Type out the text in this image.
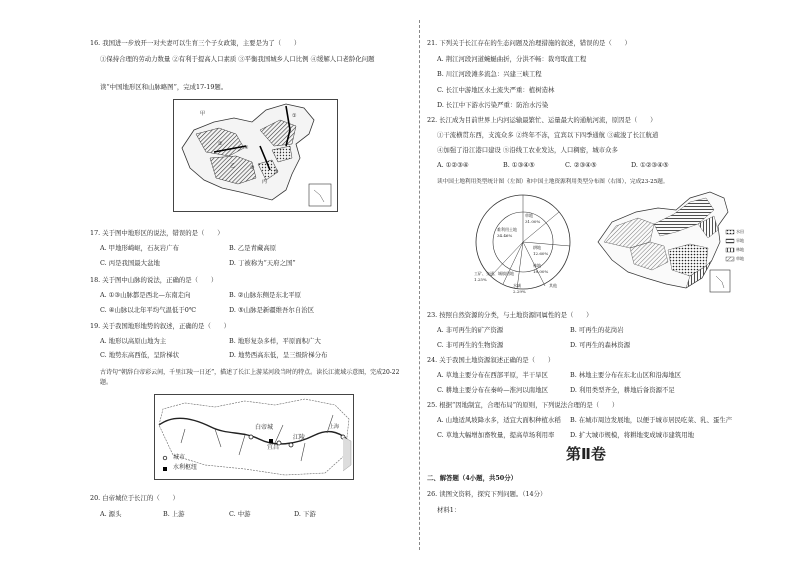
16. 我国进一步放开一对夫妻可以生育三个子女政策，主要是为了（　　）
①保持合理的劳动力数量 ②有利于提高人口素质 ③平衡我国城乡人口比例 ④缓解人口老龄化问题
读“中国地形区和山脉略图”，完成17-19题。
甲
乙
丙
丁
①
②
③
④
⑤
17. 关于图中地形区的说法，错误的是（　　）
A. 甲地形崎岖，石灰岩广布	B. 乙是青藏高原
C. 丙是我国最大盆地	D. 丁被称为“天府之国”
18. 关于图中山脉的说法，正确的是（　　）
A. ①③山脉都是西北—东南走向	B. ②山脉东侧是东北平原
C. ④山脉以北年平均气温低于0℃	D. ⑤山脉是新疆维吾尔自治区
19. 关于我国地形地势的叙述，正确的是（　　）
A. 地形以高原山地为主	B. 地形复杂多样，平原面积广大
C. 地势东高西低，呈阶梯状	D. 地势西高东低，呈三级阶梯分布
古诗句“朝辞白帝彩云间，千里江陵一日还”，描述了长江上游某河段当时的特点。读长江流域示意图，完成20-22题。
白帝城
宜昌
江陵
上海
城市
水利枢纽
20. 白帝城位于长江的（　　）
A. 源头	B. 上游	C. 中游	D. 下游
21. 下列关于长江存在的生态问题及治理措施的叙述，错误的是（　　）
A. 荆江河段河道蜿蜒曲折，分洪不畅：裁弯取直工程
B. 川江河段滩多流急：兴建三峡工程
C. 长江中游地区水土流失严重：植树造林
D. 长江中下游水污染严重：防治水污染
22. 长江成为目前世界上内河运输最繁忙、运量最大的通航河流，原因是（　　）
①干流横贯东西，支流众多 ②终年不冻，宜宾以下四季通航 ③疏浚了长江航道
④加强了沿江港口建设 ⑤沿线工农业发达，人口稠密，城市众多
A. ①②③④	B. ①③④⑤	C. ②③④⑤	D. ①②③④⑤
读中国土地利用类型统计图（左图）和中国土地资源利用类型分布图（右图），完成23-25题。
草地
31.00%
耕地
12.60%
林地
18.00%
难利用土地
34.46%
工矿、交通、城镇用地
1.25%
水域
2.29%
其他
水田
旱地
林地
草地
23. 按照自然资源的分类，与土地资源同属性的是（　　）
A. 非可再生的矿产资源	B. 可再生的花岗岩
C. 非可再生的生物资源	D. 可再生的森林资源
24. 关于我国土地资源叙述正确的是（　　）
A. 草地主要分布在西部平原，半干旱区	B. 林地主要分布在东北山区和沿海地区
C. 耕地主要分布在秦岭—淮河以南地区	D. 利用类型齐全，耕地后备资源不足
25. 根据“因地制宜，合理布局”的原则，下列说法合理的是（　　）
A. 山地适风坡降水多，适宜大面积种植水稻 B. 在城市周边发展地，以便于城市居民吃菜、乳、蛋生产
C. 草地大幅增加畜牧量，提高草场利用率 D. 扩大城市规模，将耕地变成城市建筑用地
第Ⅱ卷
二、解答题（4小题，共50分）
26. 读图文资料，探究下列问题。（14分）
材料1：
